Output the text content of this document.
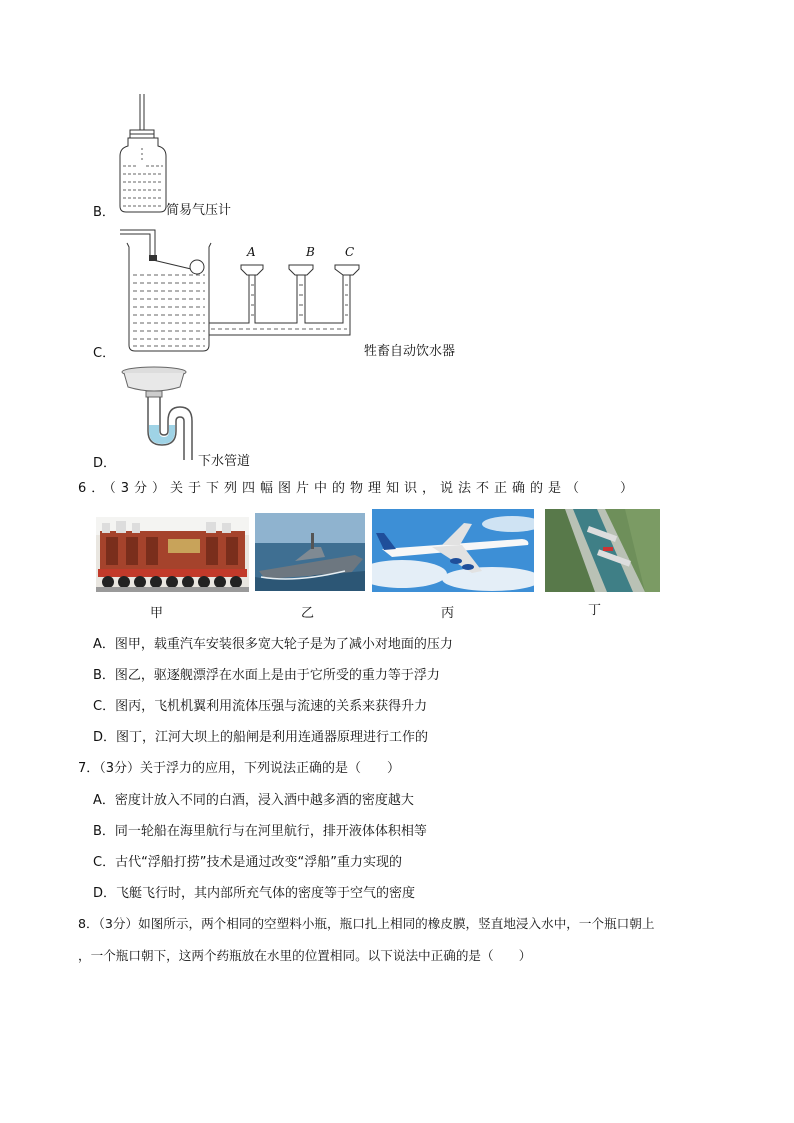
B．	简易气压计
A	B	C
C．	牲畜自动饮水器
D．	下水管道
6．（3分）关于下列四幅图片中的物理知识，说法不正确的是（　　）
甲	乙	丙	丁
A．图甲，载重汽车安装很多宽大轮子是为了减小对地面的压力
B．图乙，驱逐舰漂浮在水面上是由于它所受的重力等于浮力
C．图丙，飞机机翼利用流体压强与流速的关系来获得升力
D．图丁，江河大坝上的船闸是利用连通器原理进行工作的
7．（3分）关于浮力的应用，下列说法正确的是（　　）
A．密度计放入不同的白酒，浸入酒中越多酒的密度越大
B．同一轮船在海里航行与在河里航行，排开液体体积相等
C．古代“浮船打捞”技术是通过改变“浮船”重力实现的
D．飞艇飞行时，其内部所充气体的密度等于空气的密度
8．（3分）如图所示，两个相同的空塑料小瓶，瓶口扎上相同的橡皮膜，竖直地浸入水中，一个瓶口朝上
，一个瓶口朝下，这两个药瓶放在水里的位置相同。以下说法中正确的是（　　）
